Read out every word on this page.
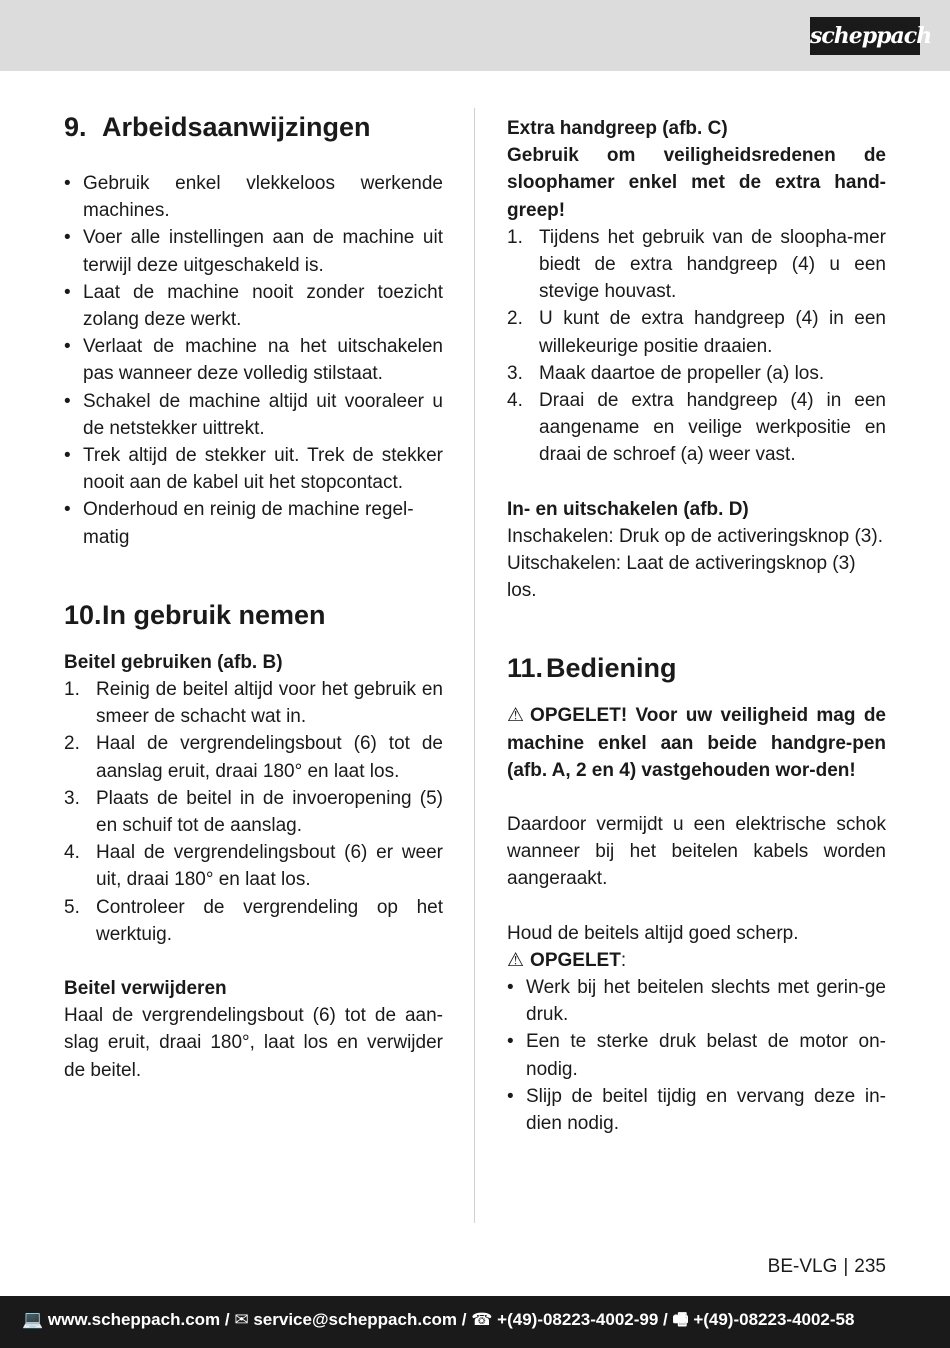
scheppach
9. Arbeidsaanwijzingen
• Gebruik enkel vlekkeloos werkende machines.
• Voer alle instellingen aan de machine uit terwijl deze uitgeschakeld is.
• Laat de machine nooit zonder toezicht zolang deze werkt.
• Verlaat de machine na het uitschakelen pas wanneer deze volledig stilstaat.
• Schakel de machine altijd uit vooraleer u de netstekker uittrekt.
• Trek altijd de stekker uit. Trek de stekker nooit aan de kabel uit het stopcontact.
• Onderhoud en reinig de machine regel-matig
10. In gebruik nemen

Beitel gebruiken (afb. B)

1. Reinig de beitel altijd voor het gebruik en smeer de schacht wat in.
2. Haal de vergrendelingsbout (6) tot de aanslag eruit, draai 180° en laat los.
3. Plaats de beitel in de invoeropening (5) en schuif tot de aanslag.
4. Haal de vergrendelingsbout (6) er weer uit, draai 180° en laat los.
5. Controleer de vergrendeling op het werktuig.

Beitel verwijderen

Haal de vergrendelingsbout (6) tot de aan-slag eruit, draai 180°, laat los en verwijder de beitel.

Extra handgreep (afb. C)

Gebruik om veiligheidsredenen de sloophamer enkel met de extra hand-greep!

1. Tijdens het gebruik van de sloopha-mer biedt de extra handgreep (4) u een stevige houvast.
2. U kunt de extra handgreep (4) in een willekeurige positie draaien.
3. Maak daartoe de propeller (a) los.
4. Draai de extra handgreep (4) in een aangename en veilige werkpositie en draai de schroef (a) weer vast.

In- en uitschakelen (afb. D)

Inschakelen: Druk op de activeringsknop (3).

Uitschakelen: Laat de activeringsknop (3) los.

11. Bediening

⚠ OPGELET! Voor uw veiligheid mag de machine enkel aan beide handgre-pen (afb. A, 2 en 4) vastgehouden wor-den!

Daardoor vermijdt u een elektrische schok wanneer bij het beitelen kabels worden aangeraakt.

Houd de beitels altijd goed scherp.

⚠ OPGELET:

• Werk bij het beitelen slechts met gerin-ge druk.
• Een te sterke druk belast de motor on-nodig.
• Slijp de beitel tijdig en vervang deze in-dien nodig.
BE-VLG | 235
💻 www.scheppach.com / ✉ service@scheppach.com / ☎ +(49)-08223-4002-99 / 🖷 +(49)-08223-4002-58
